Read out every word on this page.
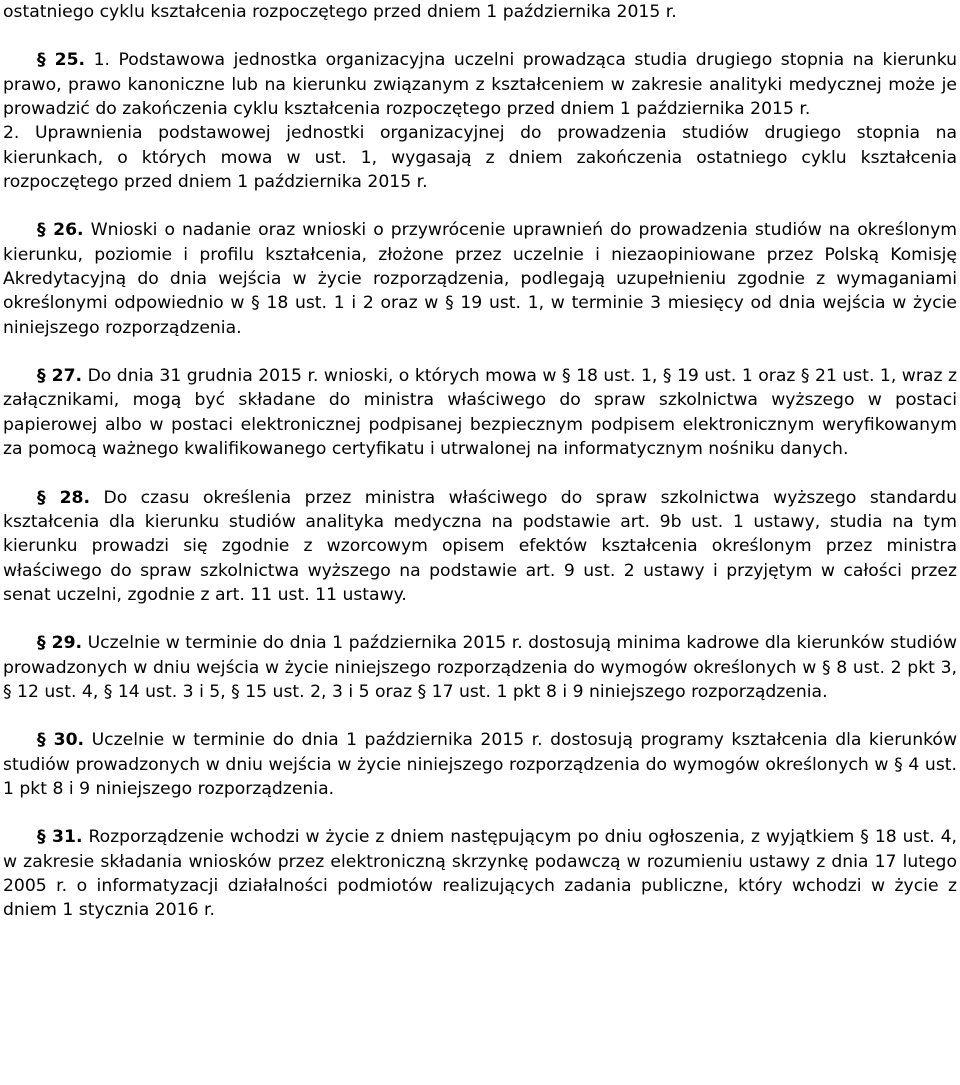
ostatniego cyklu kształcenia rozpoczętego przed dniem 1 października 2015 r.

§ 25. 1. Podstawowa jednostka organizacyjna uczelni prowadząca studia drugiego stopnia na kierunku prawo, prawo kanoniczne lub na kierunku związanym z kształceniem w zakresie analityki medycznej może je prowadzić do zakończenia cyklu kształcenia rozpoczętego przed dniem 1 października 2015 r.

2. Uprawnienia podstawowej jednostki organizacyjnej do prowadzenia studiów drugiego stopnia na kierunkach, o których mowa w ust. 1, wygasają z dniem zakończenia ostatniego cyklu kształcenia rozpoczętego przed dniem 1 października 2015 r.

§ 26. Wnioski o nadanie oraz wnioski o przywrócenie uprawnień do prowadzenia studiów na określonym kierunku, poziomie i profilu kształcenia, złożone przez uczelnie i niezaopiniowane przez Polską Komisję Akredytacyjną do dnia wejścia w życie rozporządzenia, podlegają uzupełnieniu zgodnie z wymaganiami określonymi odpowiednio w § 18 ust. 1 i 2 oraz w § 19 ust. 1, w terminie 3 miesięcy od dnia wejścia w życie niniejszego rozporządzenia.

§ 27. Do dnia 31 grudnia 2015 r. wnioski, o których mowa w § 18 ust. 1, § 19 ust. 1 oraz § 21 ust. 1, wraz z załącznikami, mogą być składane do ministra właściwego do spraw szkolnictwa wyższego w postaci papierowej albo w postaci elektronicznej podpisanej bezpiecznym podpisem elektronicznym weryfikowanym za pomocą ważnego kwalifikowanego certyfikatu i utrwalonej na informatycznym nośniku danych.

§ 28. Do czasu określenia przez ministra właściwego do spraw szkolnictwa wyższego standardu kształcenia dla kierunku studiów analityka medyczna na podstawie art. 9b ust. 1 ustawy, studia na tym kierunku prowadzi się zgodnie z wzorcowym opisem efektów kształcenia określonym przez ministra właściwego do spraw szkolnictwa wyższego na podstawie art. 9 ust. 2 ustawy i przyjętym w całości przez senat uczelni, zgodnie z art. 11 ust. 11 ustawy.

§ 29. Uczelnie w terminie do dnia 1 października 2015 r. dostosują minima kadrowe dla kierunków studiów prowadzonych w dniu wejścia w życie niniejszego rozporządzenia do wymogów określonych w § 8 ust. 2 pkt 3, § 12 ust. 4, § 14 ust. 3 i 5, § 15 ust. 2, 3 i 5 oraz § 17 ust. 1 pkt 8 i 9 niniejszego rozporządzenia.

§ 30. Uczelnie w terminie do dnia 1 października 2015 r. dostosują programy kształcenia dla kierunków studiów prowadzonych w dniu wejścia w życie niniejszego rozporządzenia do wymogów określonych w § 4 ust. 1 pkt 8 i 9 niniejszego rozporządzenia.

§ 31. Rozporządzenie wchodzi w życie z dniem następującym po dniu ogłoszenia, z wyjątkiem § 18 ust. 4, w zakresie składania wniosków przez elektroniczną skrzynkę podawczą w rozumieniu ustawy z dnia 17 lutego 2005 r. o informatyzacji działalności podmiotów realizujących zadania publiczne, który wchodzi w życie z dniem 1 stycznia 2016 r.
